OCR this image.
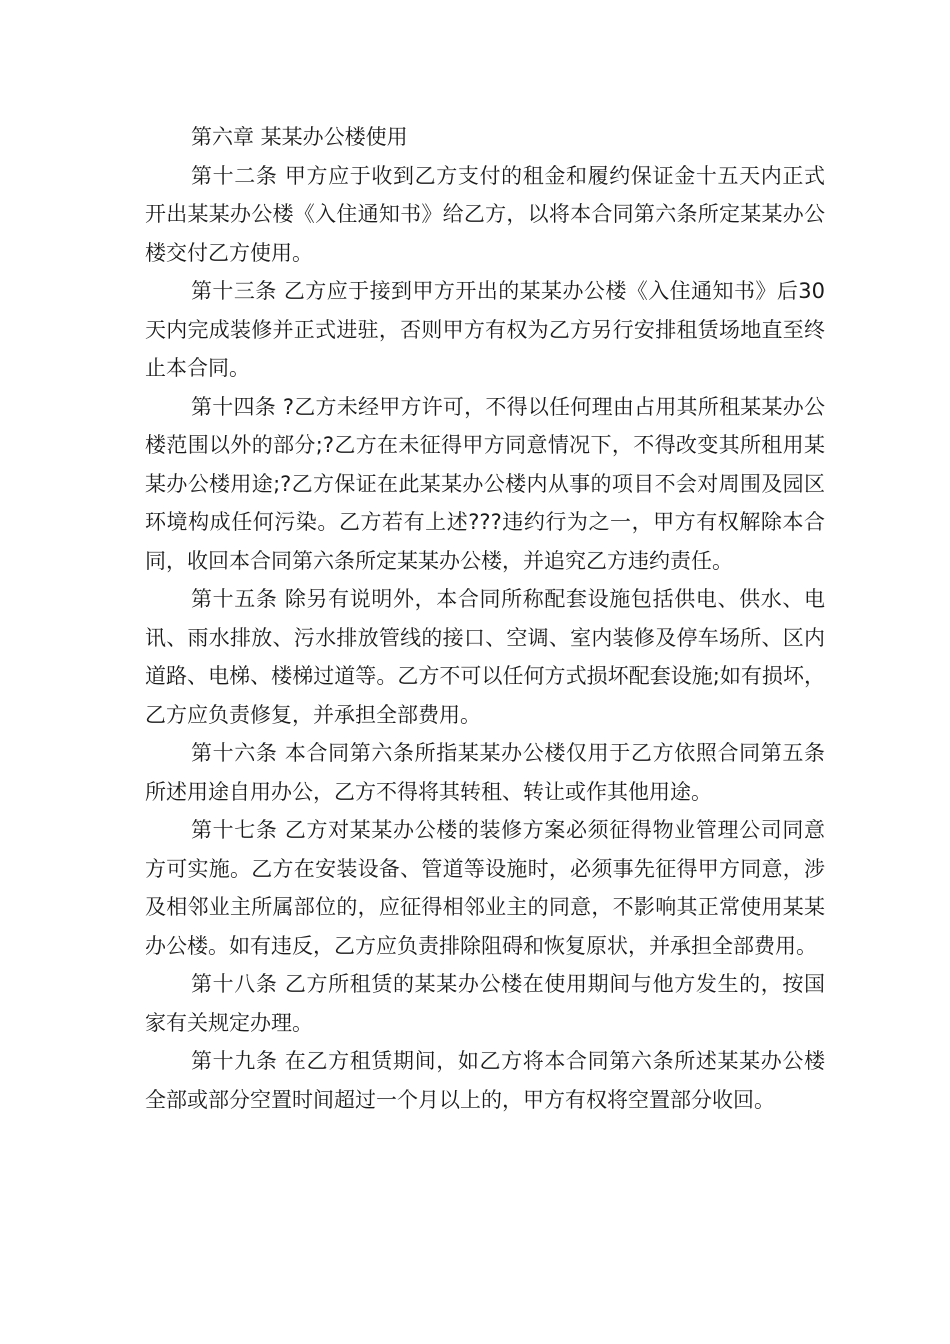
第六章 某某办公楼使用

第十二条 甲方应于收到乙方支付的租金和履约保证金十五天内正式开出某某办公楼《入住通知书》给乙方，以将本合同第六条所定某某办公楼交付乙方使用。

第十三条 乙方应于接到甲方开出的某某办公楼《入住通知书》后30天内完成装修并正式进驻，否则甲方有权为乙方另行安排租赁场地直至终止本合同。

第十四条 ?乙方未经甲方许可，不得以任何理由占用其所租某某办公楼范围以外的部分;?乙方在未征得甲方同意情况下，不得改变其所租用某某办公楼用途;?乙方保证在此某某办公楼内从事的项目不会对周围及园区环境构成任何污染。乙方若有上述???违约行为之一，甲方有权解除本合同，收回本合同第六条所定某某办公楼，并追究乙方违约责任。

第十五条 除另有说明外，本合同所称配套设施包括供电、供水、电讯、雨水排放、污水排放管线的接口、空调、室内装修及停车场所、区内道路、电梯、楼梯过道等。乙方不可以任何方式损坏配套设施;如有损坏，乙方应负责修复，并承担全部费用。

第十六条 本合同第六条所指某某办公楼仅用于乙方依照合同第五条所述用途自用办公，乙方不得将其转租、转让或作其他用途。

第十七条 乙方对某某办公楼的装修方案必须征得物业管理公司同意方可实施。乙方在安装设备、管道等设施时，必须事先征得甲方同意，涉及相邻业主所属部位的，应征得相邻业主的同意，不影响其正常使用某某办公楼。如有违反，乙方应负责排除阻碍和恢复原状，并承担全部费用。

第十八条 乙方所租赁的某某办公楼在使用期间与他方发生的，按国家有关规定办理。

第十九条 在乙方租赁期间，如乙方将本合同第六条所述某某办公楼全部或部分空置时间超过一个月以上的，甲方有权将空置部分收回。
